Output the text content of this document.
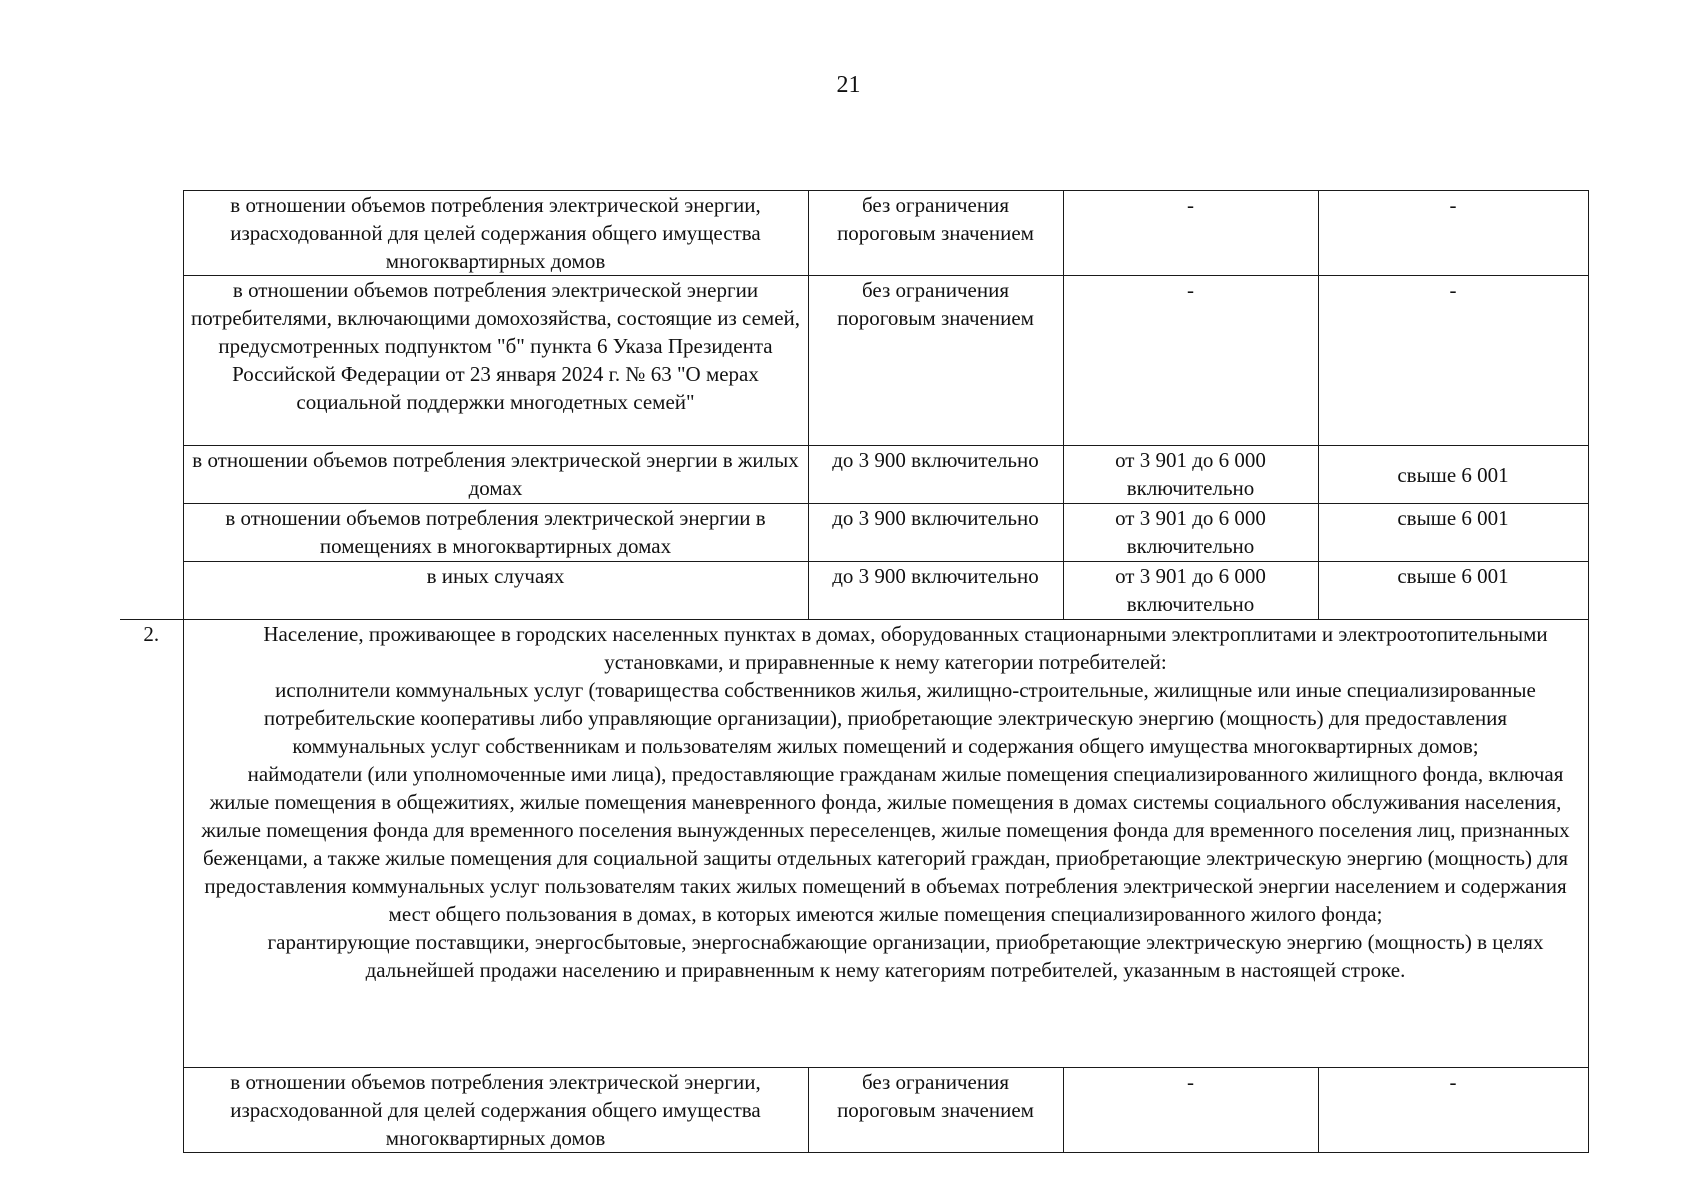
21
	в отношении объемов потребления электрической энергии, израсходованной для целей содержания общего имущества многоквартирных домов	без ограничения пороговым значением	-	-
	в отношении объемов потребления электрической энергии потребителями, включающими домохозяйства, состоящие из семей, предусмотренных подпунктом "б" пункта 6 Указа Президента Российской Федерации от 23 января 2024 г. № 63 "О мерах социальной поддержки многодетных семей"	без ограничения пороговым значением	-	-
	в отношении объемов потребления электрической энергии в жилых домах	до 3 900 включительно	от 3 901 до 6 000 включительно	свыше 6 001
	в отношении объемов потребления электрической энергии в помещениях в многоквартирных домах	до 3 900 включительно	от 3 901 до 6 000 включительно	свыше 6 001
	в иных случаях	до 3 900 включительно	от 3 901 до 6 000 включительно	свыше 6 001
2.	Население, проживающее в городских населенных пунктах в домах, оборудованных стационарными электроплитами и электроотопительными установками, и приравненные к нему категории потребителей:

исполнители коммунальных услуг (товарищества собственников жилья, жилищно-строительные, жилищные или иные специализированные потребительские кооперативы либо управляющие организации), приобретающие электрическую энергию (мощность) для предоставления коммунальных услуг собственникам и пользователям жилых помещений и содержания общего имущества многоквартирных домов;

наймодатели (или уполномоченные ими лица), предоставляющие гражданам жилые помещения специализированного жилищного фонда, включая жилые помещения в общежитиях, жилые помещения маневренного фонда, жилые помещения в домах системы социального обслуживания населения, жилые помещения фонда для временного поселения вынужденных переселенцев, жилые помещения фонда для временного поселения лиц, признанных беженцами, а также жилые помещения для социальной защиты отдельных категорий граждан, приобретающие электрическую энергию (мощность) для предоставления коммунальных услуг пользователям таких жилых помещений в объемах потребления электрической энергии населением и содержания мест общего пользования в домах, в которых имеются жилые помещения специализированного жилого фонда;

гарантирующие поставщики, энергосбытовые, энергоснабжающие организации, приобретающие электрическую энергию (мощность) в целях дальнейшей продажи населению и приравненным к нему категориям потребителей, указанным в настоящей строке.			

	в отношении объемов потребления электрической энергии, израсходованной для целей содержания общего имущества многоквартирных домов	без ограничения пороговым значением	-	-
